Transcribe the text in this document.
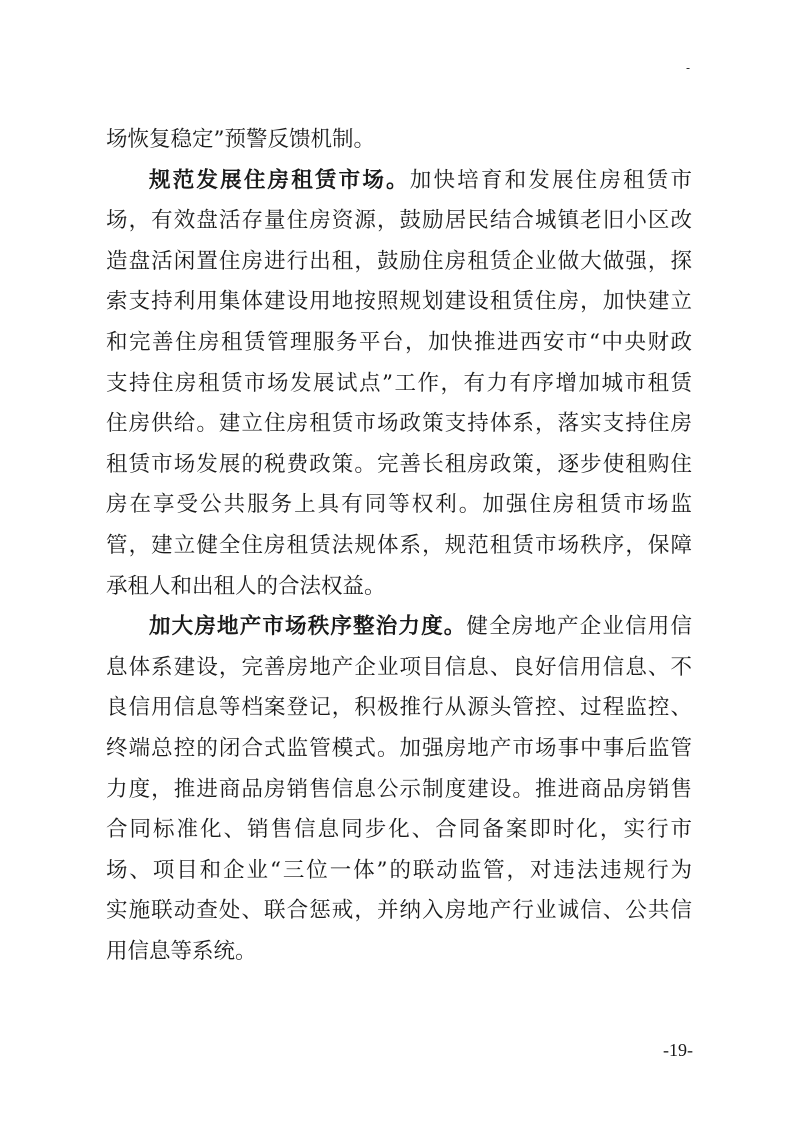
-
场恢复稳定”预警反馈机制。
规范发展住房租赁市场。加快培育和发展住房租赁市
场，有效盘活存量住房资源，鼓励居民结合城镇老旧小区改
造盘活闲置住房进行出租，鼓励住房租赁企业做大做强，探
索支持利用集体建设用地按照规划建设租赁住房，加快建立
和完善住房租赁管理服务平台，加快推进西安市“中央财政
支持住房租赁市场发展试点”工作，有力有序增加城市租赁
住房供给。建立住房租赁市场政策支持体系，落实支持住房
租赁市场发展的税费政策。完善长租房政策，逐步使租购住
房在享受公共服务上具有同等权利。加强住房租赁市场监
管，建立健全住房租赁法规体系，规范租赁市场秩序，保障
承租人和出租人的合法权益。
加大房地产市场秩序整治力度。健全房地产企业信用信
息体系建设，完善房地产企业项目信息、良好信用信息、不
良信用信息等档案登记，积极推行从源头管控、过程监控、
终端总控的闭合式监管模式。加强房地产市场事中事后监管
力度，推进商品房销售信息公示制度建设。推进商品房销售
合同标准化、销售信息同步化、合同备案即时化，实行市
场、项目和企业“三位一体”的联动监管，对违法违规行为
实施联动查处、联合惩戒，并纳入房地产行业诚信、公共信
用信息等系统。
-19-
